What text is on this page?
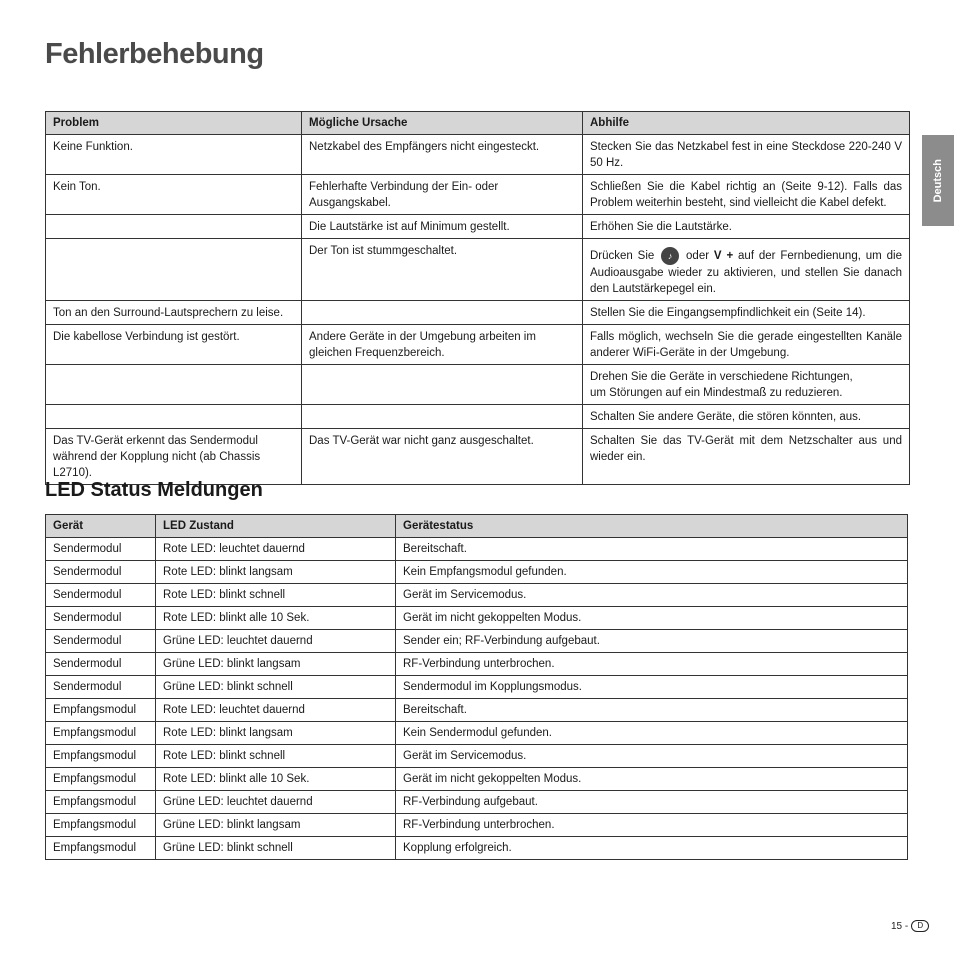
Fehlerbehebung
Deutsch
Problem	Mögliche Ursache	Abhilfe
Keine Funktion.	Netzkabel des Empfängers nicht eingesteckt.	Stecken Sie das Netzkabel fest in eine Steckdose 220-240 V 50 Hz.
Kein Ton.	Fehlerhafte Verbindung der Ein- oder Ausgangskabel.	Schließen Sie die Kabel richtig an (Seite 9-12). Falls das Problem weiterhin besteht, sind vielleicht die Kabel defekt.
	Die Lautstärke ist auf Minimum gestellt.	Erhöhen Sie die Lautstärke.
	Der Ton ist stummgeschaltet.	Drücken Sie ♪ oder V + auf der Fernbedienung, um die Audioausgabe wieder zu aktivieren, und stellen Sie danach den Lautstärkepegel ein.
Ton an den Surround-Lautsprechern zu leise.		Stellen Sie die Eingangsempfindlichkeit ein (Seite 14).
Die kabellose Verbindung ist gestört.	Andere Geräte in der Umgebung arbeiten im gleichen Frequenzbereich.	Falls möglich, wechseln Sie die gerade eingestellten Kanäle anderer WiFi-Geräte in der Umgebung.

		Drehen Sie die Geräte in verschiedene Richtungen,
um Störungen auf ein Mindestmaß zu reduzieren.

		Schalten Sie andere Geräte, die stören könnten, aus.
Das TV-Gerät erkennt das Sendermodul während der Kopplung nicht (ab Chassis L2710).	Das TV-Gerät war nicht ganz ausgeschaltet.	Schalten Sie das TV-Gerät mit dem Netzschalter aus und wieder ein.
LED Status Meldungen
Gerät	LED Zustand	Gerätestatus
Sendermodul	Rote LED: leuchtet dauernd	Bereitschaft.
Sendermodul	Rote LED: blinkt langsam	Kein Empfangsmodul gefunden.
Sendermodul	Rote LED: blinkt schnell	Gerät im Servicemodus.
Sendermodul	Rote LED: blinkt alle 10 Sek.	Gerät im nicht gekoppelten Modus.
Sendermodul	Grüne LED: leuchtet dauernd	Sender ein; RF-Verbindung aufgebaut.
Sendermodul	Grüne LED: blinkt langsam	RF-Verbindung unterbrochen.
Sendermodul	Grüne LED: blinkt schnell	Sendermodul im Kopplungsmodus.
Empfangsmodul	Rote LED: leuchtet dauernd	Bereitschaft.
Empfangsmodul	Rote LED: blinkt langsam	Kein Sendermodul gefunden.
Empfangsmodul	Rote LED: blinkt schnell	Gerät im Servicemodus.
Empfangsmodul	Rote LED: blinkt alle 10 Sek.	Gerät im nicht gekoppelten Modus.
Empfangsmodul	Grüne LED: leuchtet dauernd	RF-Verbindung aufgebaut.
Empfangsmodul	Grüne LED: blinkt langsam	RF-Verbindung unterbrochen.
Empfangsmodul	Grüne LED: blinkt schnell	Kopplung erfolgreich.
15 -	D
